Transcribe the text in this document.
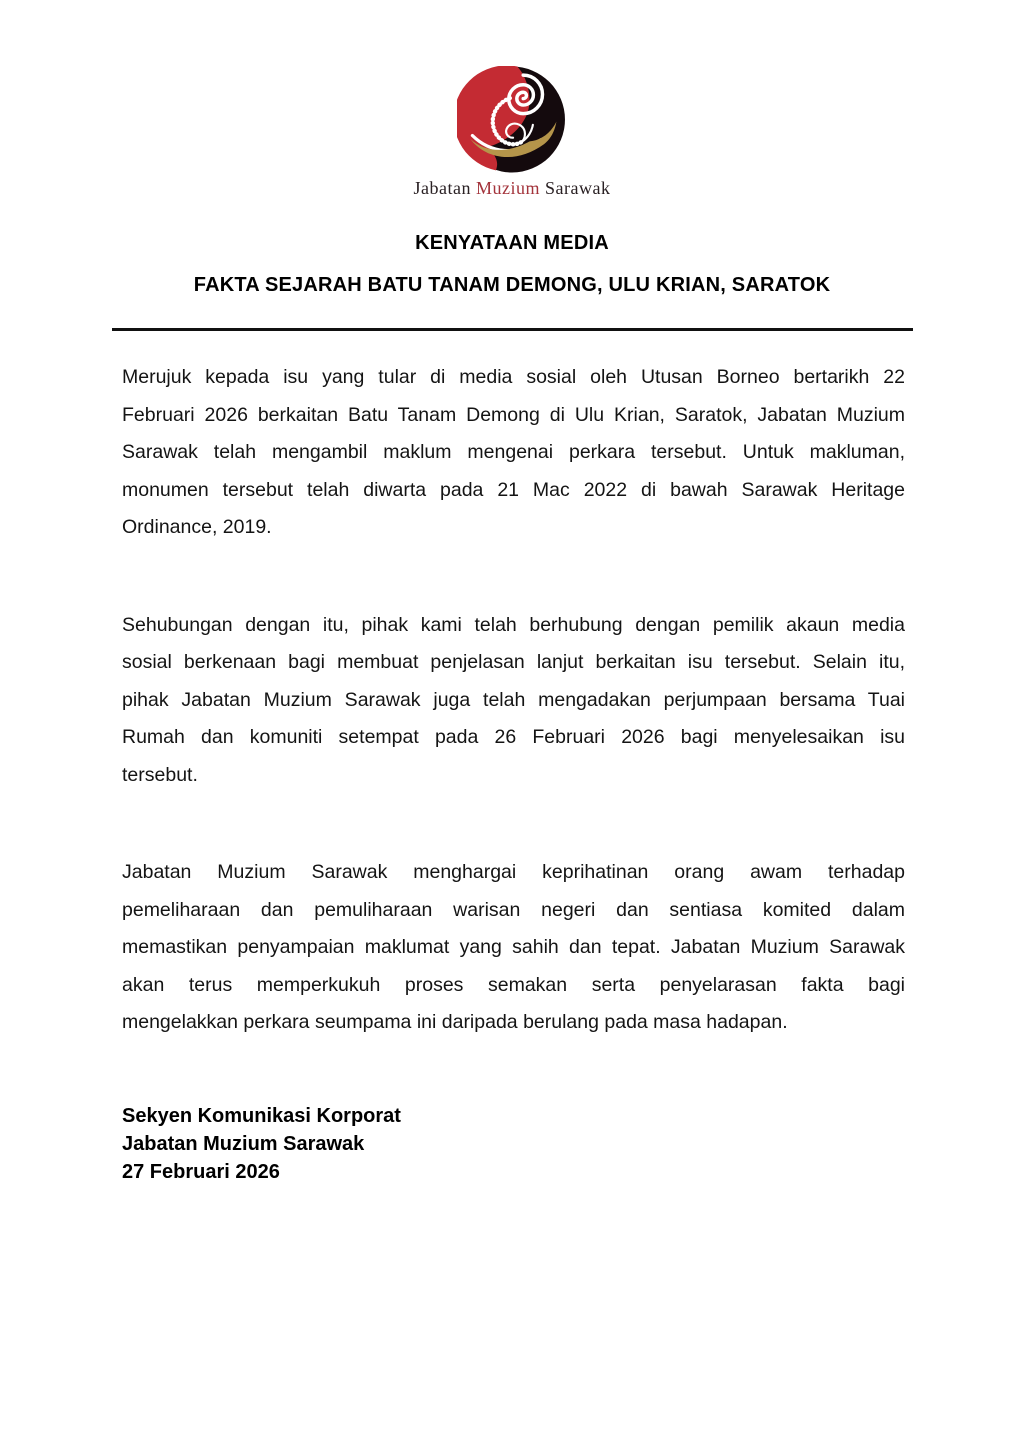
Jabatan Muzium Sarawak
KENYATAAN MEDIA
FAKTA SEJARAH BATU TANAM DEMONG, ULU KRIAN, SARATOK
Merujuk kepada isu yang tular di media sosial oleh Utusan Borneo bertarikh 22
Februari 2026 berkaitan Batu Tanam Demong di Ulu Krian, Saratok, Jabatan Muzium
Sarawak telah mengambil maklum mengenai perkara tersebut. Untuk makluman,
monumen tersebut telah diwarta pada 21 Mac 2022 di bawah Sarawak Heritage
Ordinance, 2019.
Sehubungan dengan itu, pihak kami telah berhubung dengan pemilik akaun media
sosial berkenaan bagi membuat penjelasan lanjut berkaitan isu tersebut. Selain itu,
pihak Jabatan Muzium Sarawak juga telah mengadakan perjumpaan bersama Tuai
Rumah dan komuniti setempat pada 26 Februari 2026 bagi menyelesaikan isu
tersebut.
Jabatan Muzium Sarawak menghargai keprihatinan orang awam terhadap
pemeliharaan dan pemuliharaan warisan negeri dan sentiasa komited dalam
memastikan penyampaian maklumat yang sahih dan tepat. Jabatan Muzium Sarawak
akan terus memperkukuh proses semakan serta penyelarasan fakta bagi
mengelakkan perkara seumpama ini daripada berulang pada masa hadapan.
Sekyen Komunikasi Korporat
Jabatan Muzium Sarawak
27 Februari 2026
